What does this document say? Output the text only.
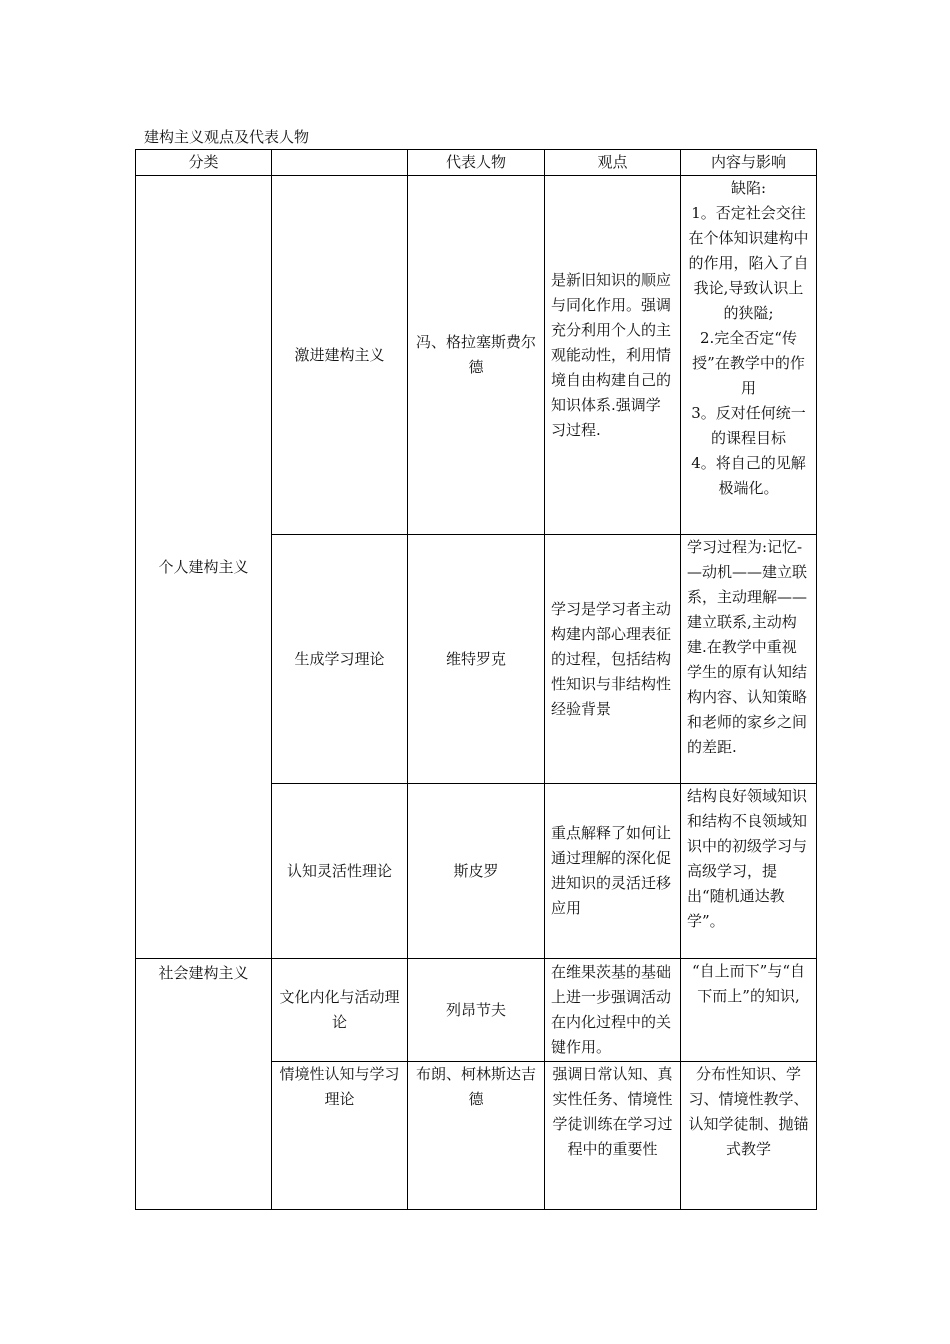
建构主义观点及代表人物
分类		代表人物	观点	内容与影响

个人建构主义	激进建构主义	冯、格拉塞斯费尔德	是新旧知识的顺应与同化作用。强调充分利用个人的主观能动性，利用情境自由构建自己的知识体系.强调学习过程.	缺陷:
1。否定社会交往在个体知识建构中的作用，陷入了自我论,导致认识上的狭隘;
2.完全否定“传授”在教学中的作用
3。反对任何统一的课程目标
4。将自己的见解极端化。

	生成学习理论	维特罗克	学习是学习者主动构建内部心理表征的过程，包括结构性知识与非结构性经验背景	学习过程为:记忆-—动机——建立联系，主动理解——建立联系,主动构建.在教学中重视学生的原有认知结构内容、认知策略和老师的家乡之间的差距.

	认知灵活性理论	斯皮罗	重点解释了如何让通过理解的深化促进知识的灵活迁移应用	结构良好领域知识和结构不良领域知识中的初级学习与高级学习，提出“随机通达教学”。

社会建构主义	文化内化与活动理论	列昂节夫	在维果茨基的基础上进一步强调活动在内化过程中的关键作用。	“自上而下”与“自下而上”的知识,

	情境性认知与学习理论	布朗、柯林斯达吉德	强调日常认知、真实性任务、情境性学徒训练在学习过程中的重要性	分布性知识、学习、情境性教学、认知学徒制、抛锚式教学
